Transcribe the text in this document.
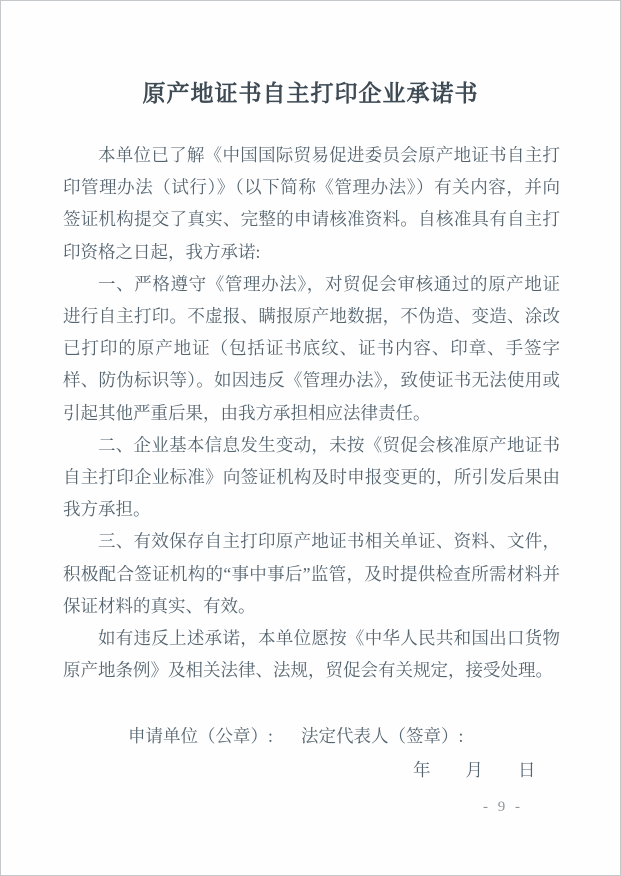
原产地证书自主打印企业承诺书

本单位已了解《中国国际贸易促进委员会原产地证书自主打印管理办法（试行）》（以下简称《管理办法》）有关内容，并向签证机构提交了真实、完整的申请核准资料。自核准具有自主打印资格之日起，我方承诺:

一、严格遵守《管理办法》，对贸促会审核通过的原产地证进行自主打印。不虚报、瞒报原产地数据，不伪造、变造、涂改已打印的原产地证（包括证书底纹、证书内容、印章、手签字样、防伪标识等）。如因违反《管理办法》，致使证书无法使用或引起其他严重后果，由我方承担相应法律责任。

二、企业基本信息发生变动，未按《贸促会核准原产地证书自主打印企业标准》向签证机构及时申报变更的，所引发后果由我方承担。

三、有效保存自主打印原产地证书相关单证、资料、文件，积极配合签证机构的“事中事后”监管，及时提供检查所需材料并保证材料的真实、有效。

如有违反上述承诺，本单位愿按《中华人民共和国出口货物原产地条例》及相关法律、法规，贸促会有关规定，接受处理。

申请单位（公章）: 法定代表人（签章）:
年　　月　　日
- 9 -
